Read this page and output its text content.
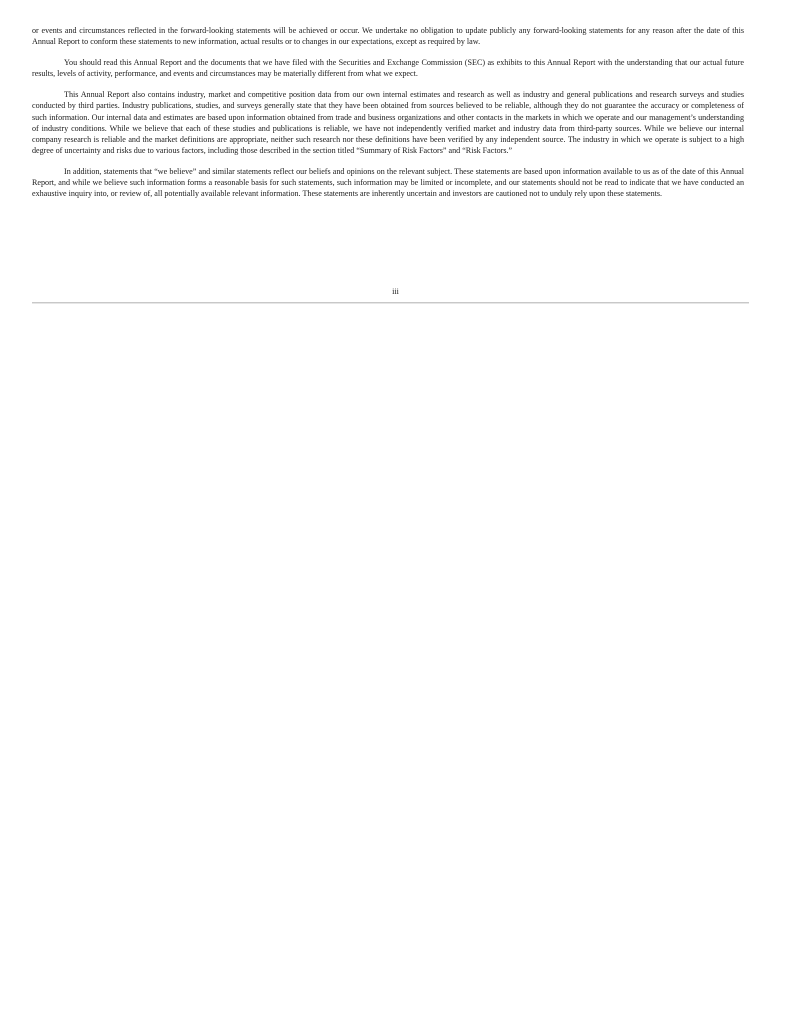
or events and circumstances reflected in the forward-looking statements will be achieved or occur. We undertake no obligation to update publicly any forward-looking statements for any reason after the date of this Annual Report to conform these statements to new information, actual results or to changes in our expectations, except as required by law.

You should read this Annual Report and the documents that we have filed with the Securities and Exchange Commission (SEC) as exhibits to this Annual Report with the understanding that our actual future results, levels of activity, performance, and events and circumstances may be materially different from what we expect.

This Annual Report also contains industry, market and competitive position data from our own internal estimates and research as well as industry and general publications and research surveys and studies conducted by third parties. Industry publications, studies, and surveys generally state that they have been obtained from sources believed to be reliable, although they do not guarantee the accuracy or completeness of such information. Our internal data and estimates are based upon information obtained from trade and business organizations and other contacts in the markets in which we operate and our management’s understanding of industry conditions. While we believe that each of these studies and publications is reliable, we have not independently verified market and industry data from third-party sources. While we believe our internal company research is reliable and the market definitions are appropriate, neither such research nor these definitions have been verified by any independent source. The industry in which we operate is subject to a high degree of uncertainty and risks due to various factors, including those described in the section titled “Summary of Risk Factors” and “Risk Factors.”

In addition, statements that “we believe” and similar statements reflect our beliefs and opinions on the relevant subject. These statements are based upon information available to us as of the date of this Annual Report, and while we believe such information forms a reasonable basis for such statements, such information may be limited or incomplete, and our statements should not be read to indicate that we have conducted an exhaustive inquiry into, or review of, all potentially available relevant information. These statements are inherently uncertain and investors are cautioned not to unduly rely upon these statements.

iii
